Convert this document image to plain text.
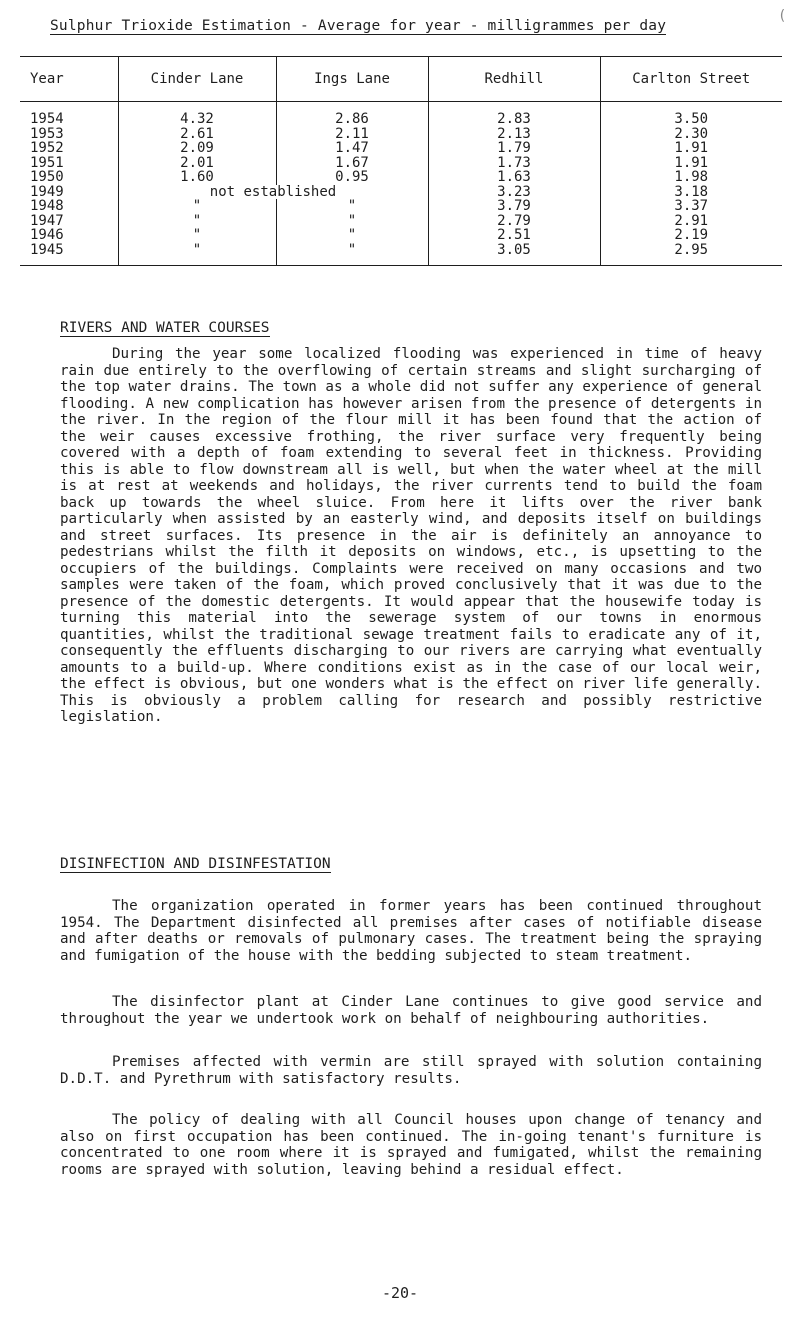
(
Sulphur Trioxide Estimation - Average for year - milligrammes per day
Year	Cinder Lane	Ings Lane	Redhill	Carlton Street
1954	4.32	2.86	2.83	3.50
1953	2.61	2.11	2.13	2.30
1952	2.09	1.47	1.79	1.91
1951	2.01	1.67	1.73	1.91
1950	1.60	0.95	1.63	1.98
1949	not established		3.23	3.18
1948	"	"	3.79	3.37
1947	"	"	2.79	2.91
1946	"	"	2.51	2.19
1945	"	"	3.05	2.95
RIVERS AND WATER COURSES

During the year some localized flooding was experienced in time of heavy rain due entirely to the overflowing of certain streams and slight surcharging of the top water drains. The town as a whole did not suffer any experience of general flooding. A new complication has however arisen from the presence of detergents in the river. In the region of the flour mill it has been found that the action of the weir causes excessive frothing, the river surface very frequently being covered with a depth of foam extending to several feet in thickness. Providing this is able to flow downstream all is well, but when the water wheel at the mill is at rest at weekends and holidays, the river currents tend to build the foam back up towards the wheel sluice. From here it lifts over the river bank particularly when assisted by an easterly wind, and deposits itself on buildings and street surfaces. Its presence in the air is definitely an annoyance to pedestrians whilst the filth it deposits on windows, etc., is upsetting to the occupiers of the buildings. Complaints were received on many occasions and two samples were taken of the foam, which proved conclusively that it was due to the presence of the domestic detergents. It would appear that the housewife today is turning this material into the sewerage system of our towns in enormous quantities, whilst the traditional sewage treatment fails to eradicate any of it, consequently the effluents discharging to our rivers are carrying what eventually amounts to a build-up. Where conditions exist as in the case of our local weir, the effect is obvious, but one wonders what is the effect on river life generally. This is obviously a problem calling for research and possibly restrictive legislation.

DISINFECTION AND DISINFESTATION

The organization operated in former years has been continued throughout 1954. The Department disinfected all premises after cases of notifiable disease and after deaths or removals of pulmonary cases. The treatment being the spraying and fumigation of the house with the bedding subjected to steam treatment.

The disinfector plant at Cinder Lane continues to give good service and throughout the year we undertook work on behalf of neighbouring authorities.

Premises affected with vermin are still sprayed with solution containing D.D.T. and Pyrethrum with satisfactory results.

The policy of dealing with all Council houses upon change of tenancy and also on first occupation has been continued. The in-going tenant's furniture is concentrated to one room where it is sprayed and fumigated, whilst the remaining rooms are sprayed with solution, leaving behind a residual effect.

-20-
